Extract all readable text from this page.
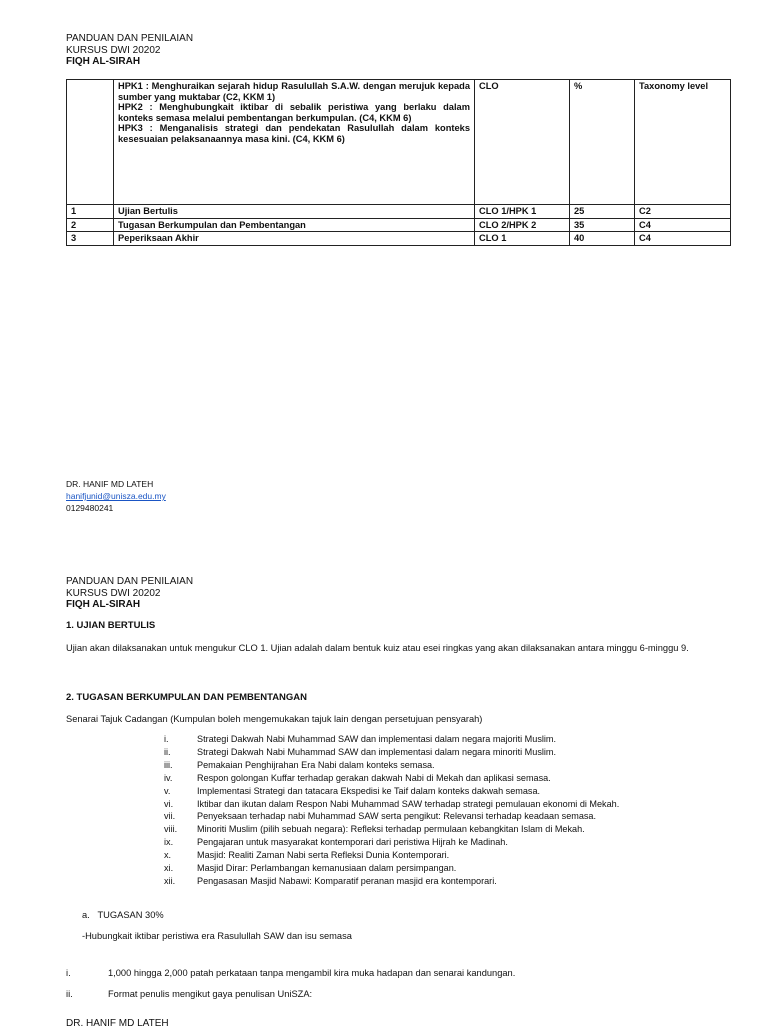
PANDUAN DAN PENILAIAN
KURSUS DWI 20202
FIQH AL-SIRAH

	HPK1 : Menghuraikan sejarah hidup Rasulullah S.A.W. dengan merujuk kepada sumber yang muktabar (C2, KKM 1)

HPK2 : Menghubungkait iktibar di sebalik peristiwa yang berlaku dalam konteks semasa melalui pembentangan berkumpulan. (C4, KKM 6)

HPK3 : Menganalisis strategi dan pendekatan Rasulullah dalam konteks kesesuaian pelaksanaannya masa kini. (C4, KKM 6)	CLO	%	Taxonomy level
1	Ujian Bertulis	CLO 1/HPK 1	25	C2
2	Tugasan Berkumpulan dan Pembentangan	CLO 2/HPK 2	35	C4
3	Peperiksaan Akhir	CLO 1	40	C4
DR. HANIF MD LATEH
hanifjunid@unisza.edu.my
0129480241
PANDUAN DAN PENILAIAN
KURSUS DWI 20202
FIQH AL-SIRAH
1. UJIAN BERTULIS
Ujian akan dilaksanakan untuk mengukur CLO 1. Ujian adalah dalam bentuk kuiz atau esei ringkas yang akan dilaksanakan antara minggu 6-minggu 9.
2. TUGASAN BERKUMPULAN DAN PEMBENTANGAN
Senarai Tajuk Cadangan (Kumpulan boleh mengemukakan tajuk lain dengan persetujuan pensyarah)
i.	Strategi Dakwah Nabi Muhammad SAW dan implementasi dalam negara majoriti Muslim.
ii.	Strategi Dakwah Nabi Muhammad SAW dan implementasi dalam negara minoriti Muslim.
iii.	Pemakaian Penghijrahan Era Nabi dalam konteks semasa.
iv.	Respon golongan Kuffar terhadap gerakan dakwah Nabi di Mekah dan aplikasi semasa.
v.	Implementasi Strategi dan tatacara Ekspedisi ke Taif dalam konteks dakwah semasa.
vi.	Iktibar dan ikutan dalam Respon Nabi Muhammad SAW terhadap strategi pemulauan ekonomi di Mekah.
vii.	Penyeksaan terhadap nabi Muhammad SAW serta pengikut: Relevansi terhadap keadaan semasa.
viii.	Minoriti Muslim (pilih sebuah negara): Refleksi terhadap permulaan kebangkitan Islam di Mekah.
ix.	Pengajaran untuk masyarakat kontemporari dari peristiwa Hijrah ke Madinah.
x.	Masjid: Realiti Zaman Nabi serta Refleksi Dunia Kontemporari.
xi.	Masjid Dirar: Perlambangan kemanusiaan dalam persimpangan.
xii.	Pengasasan Masjid Nabawi: Komparatif peranan masjid era kontemporari.
a.   TUGASAN 30%
-Hubungkait iktibar peristiwa era Rasulullah SAW dan isu semasa
i.	1,000 hingga 2,000 patah perkataan tanpa mengambil kira muka hadapan dan senarai kandungan.
ii.	Format penulis mengikut gaya penulisan UniSZA:
DR. HANIF MD LATEH
